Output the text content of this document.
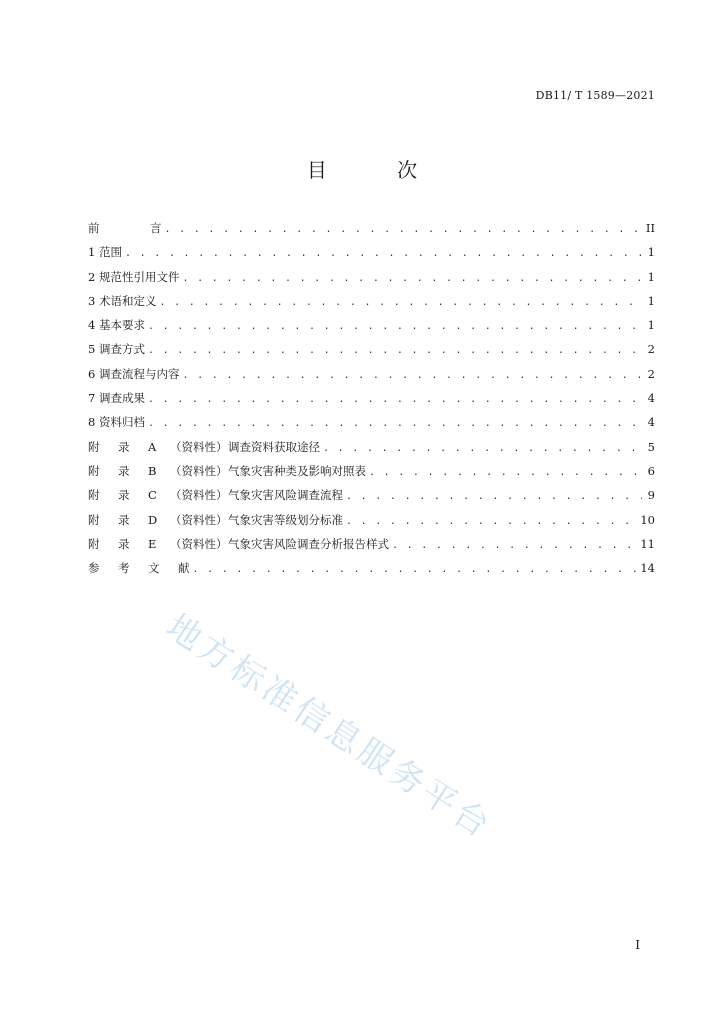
DB11/ T 1589—2021
目 次
前	言 . . .	II
1 范围 . . .	1
2 规范性引用文件 . . .	1
3 术语和定义 . . .	1
4 基本要求 . . .	1
5 调查方式 . . .	2
6 调查流程与内容 . . .	2
7 调查成果 . . .	4
8 资料归档 . . .	4
附	录	A	（资料性） 调查资料获取途径 . . .	5
附	录	B	（资料性） 气象灾害种类及影响对照表 . . .	6
附	录	C	（资料性） 气象灾害风险调查流程 . . .	9
附	录	D	（资料性） 气象灾害等级划分标准 . . .	10
附	录	E	（资料性） 气象灾害风险调查分析报告样式 . . .	11
参	考	文	献 . . .	14
地方标准信息服务平台
I
